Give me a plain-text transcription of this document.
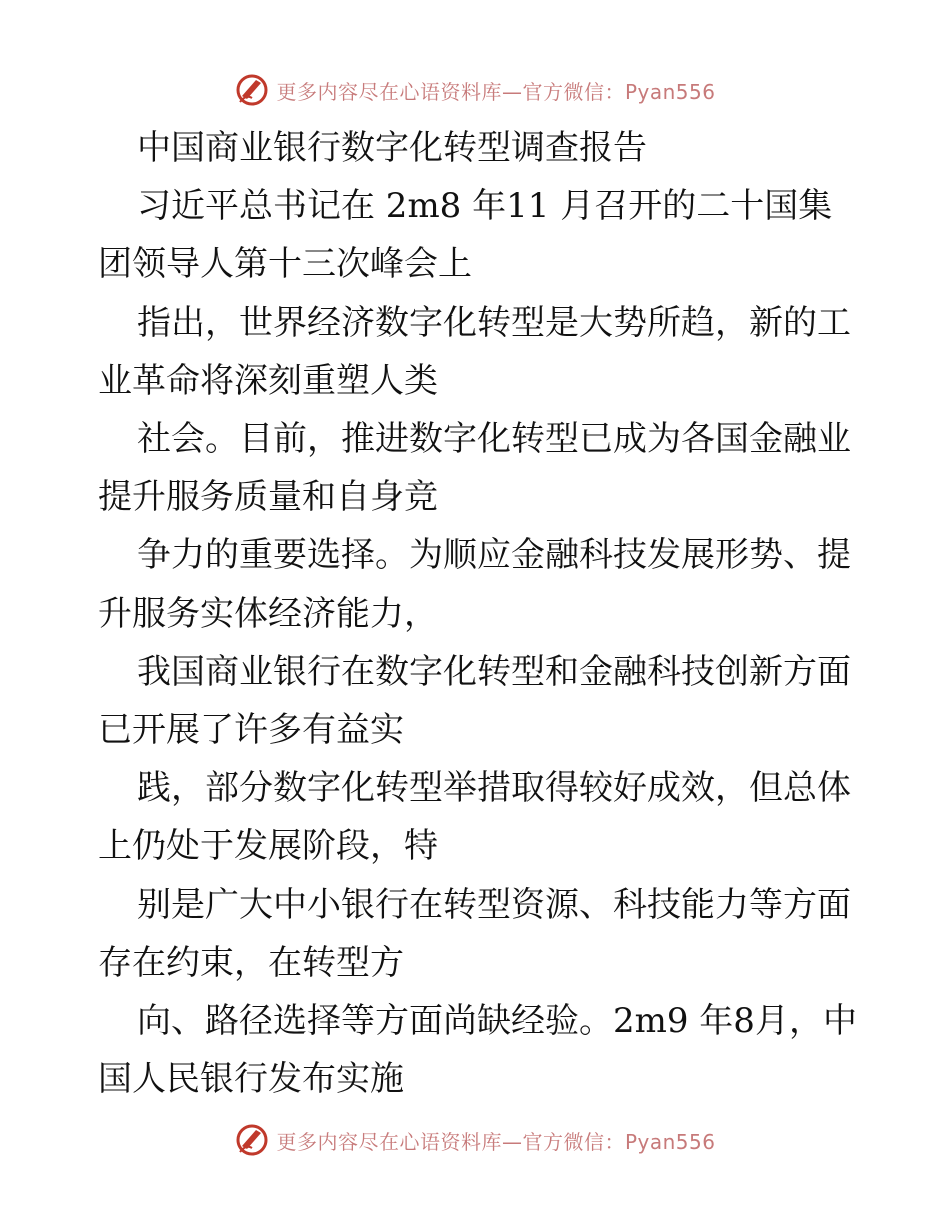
更多内容尽在心语资料库—官方微信：Pyan556
中国商业银行数字化转型调查报告
习近平总书记在 2m8 年11 月召开的二十国集
团领导人第十三次峰会上
指出，世界经济数字化转型是大势所趋，新的工
业革命将深刻重塑人类
社会。目前，推进数字化转型已成为各国金融业
提升服务质量和自身竞
争力的重要选择。为顺应金融科技发展形势、提
升服务实体经济能力，
我国商业银行在数字化转型和金融科技创新方面
已开展了许多有益实
践，部分数字化转型举措取得较好成效，但总体
上仍处于发展阶段，特
别是广大中小银行在转型资源、科技能力等方面
存在约束，在转型方
向、路径选择等方面尚缺经验。2m9 年8月，中
国人民银行发布实施
更多内容尽在心语资料库—官方微信：Pyan556
